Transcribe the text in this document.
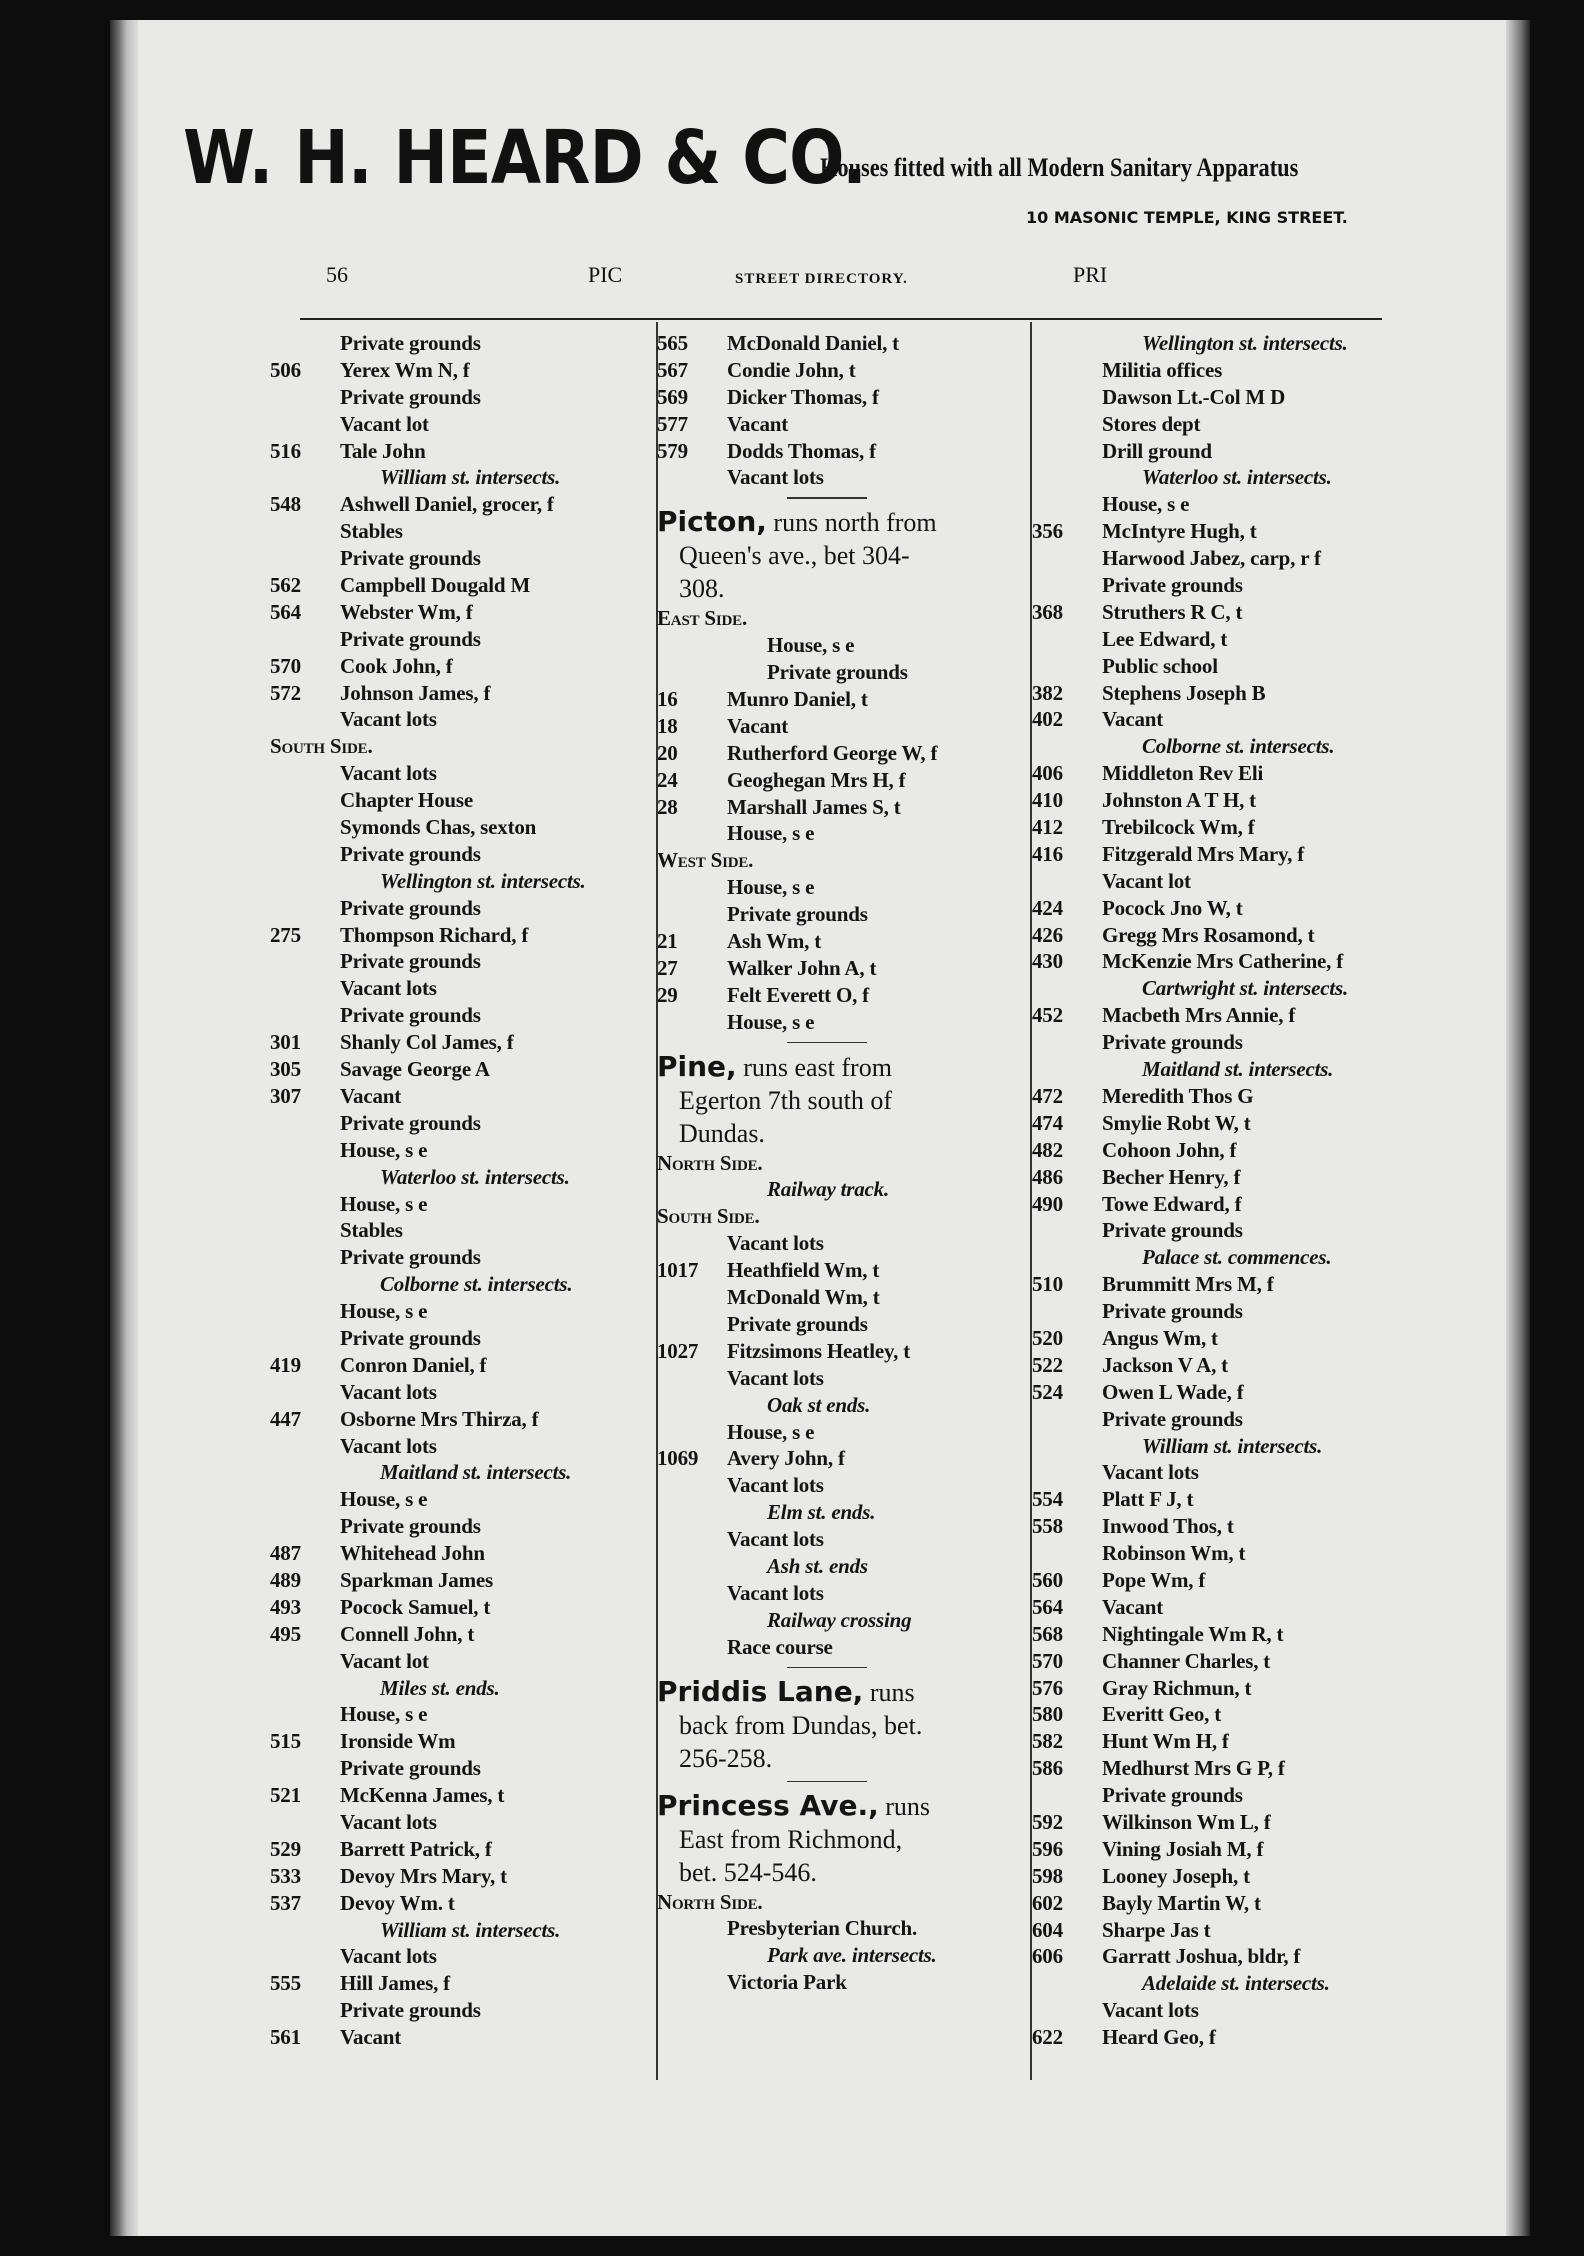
W. H. HEARD & CO.
Houses fitted with all Modern Sanitary Apparatus
10 MASONIC TEMPLE, KING STREET.
56	PIC	STREET DIRECTORY.	PRI
Private grounds
506 Yerex Wm N, f
Private grounds
Vacant lot
516 Tale John
William st. intersects.
548 Ashwell Daniel, grocer, f
Stables
Private grounds
562 Campbell Dougald M
564 Webster Wm, f
Private grounds
570 Cook John, f
572 Johnson James, f
Vacant lots
South Side.
Vacant lots
Chapter House
Symonds Chas, sexton
Private grounds
Wellington st. intersects.
Private grounds
275 Thompson Richard, f
Private grounds
Vacant lots
Private grounds
301 Shanly Col James, f
305 Savage George A
307 Vacant
Private grounds
House, s e
Waterloo st. intersects.
House, s e
Stables
Private grounds
Colborne st. intersects.
House, s e
Private grounds
419 Conron Daniel, f
Vacant lots
447 Osborne Mrs Thirza, f
Vacant lots
Maitland st. intersects.
House, s e
Private grounds
487 Whitehead John
489 Sparkman James
493 Pocock Samuel, t
495 Connell John, t
Vacant lot
Miles st. ends.
House, s e
515 Ironside Wm
Private grounds
521 McKenna James, t
Vacant lots
529 Barrett Patrick, f
533 Devoy Mrs Mary, t
537 Devoy Wm. t
William st. intersects.
Vacant lots
555 Hill James, f
Private grounds
561 Vacant
565 McDonald Daniel, t
567 Condie John, t
569 Dicker Thomas, f
577 Vacant
579 Dodds Thomas, f
Vacant lots
Picton, runs north from
Queen's ave., bet 304-
308.
East Side.
House, s e
Private grounds
16 Munro Daniel, t
18 Vacant
20 Rutherford George W, f
24 Geoghegan Mrs H, f
28 Marshall James S, t
House, s e
West Side.
House, s e
Private grounds
21 Ash Wm, t
27 Walker John A, t
29 Felt Everett O, f
House, s e
Pine, runs east from
Egerton 7th south of
Dundas.
North Side.
Railway track.
South Side.
Vacant lots
1017 Heathfield Wm, t
McDonald Wm, t
Private grounds
1027 Fitzsimons Heatley, t
Vacant lots
Oak st ends.
House, s e
1069 Avery John, f
Vacant lots
Elm st. ends.
Vacant lots
Ash st. ends
Vacant lots
Railway crossing
Race course
Priddis Lane, runs
back from Dundas, bet.
256-258.
Princess Ave., runs
East from Richmond,
bet. 524-546.
North Side.
Presbyterian Church.
Park ave. intersects.
Victoria Park
Wellington st. intersects.
Militia offices
Dawson Lt.-Col M D
Stores dept
Drill ground
Waterloo st. intersects.
House, s e
356 McIntyre Hugh, t
Harwood Jabez, carp, r f
Private grounds
368 Struthers R C, t
Lee Edward, t
Public school
382 Stephens Joseph B
402 Vacant
Colborne st. intersects.
406 Middleton Rev Eli
410 Johnston A T H, t
412 Trebilcock Wm, f
416 Fitzgerald Mrs Mary, f
Vacant lot
424 Pocock Jno W, t
426 Gregg Mrs Rosamond, t
430 McKenzie Mrs Catherine, f
Cartwright st. intersects.
452 Macbeth Mrs Annie, f
Private grounds
Maitland st. intersects.
472 Meredith Thos G
474 Smylie Robt W, t
482 Cohoon John, f
486 Becher Henry, f
490 Towe Edward, f
Private grounds
Palace st. commences.
510 Brummitt Mrs M, f
Private grounds
520 Angus Wm, t
522 Jackson V A, t
524 Owen L Wade, f
Private grounds
William st. intersects.
Vacant lots
554 Platt F J, t
558 Inwood Thos, t
Robinson Wm, t
560 Pope Wm, f
564 Vacant
568 Nightingale Wm R, t
570 Channer Charles, t
576 Gray Richmun, t
580 Everitt Geo, t
582 Hunt Wm H, f
586 Medhurst Mrs G P, f
Private grounds
592 Wilkinson Wm L, f
596 Vining Josiah M, f
598 Looney Joseph, t
602 Bayly Martin W, t
604 Sharpe Jas t
606 Garratt Joshua, bldr, f
Adelaide st. intersects.
Vacant lots
622 Heard Geo, f
